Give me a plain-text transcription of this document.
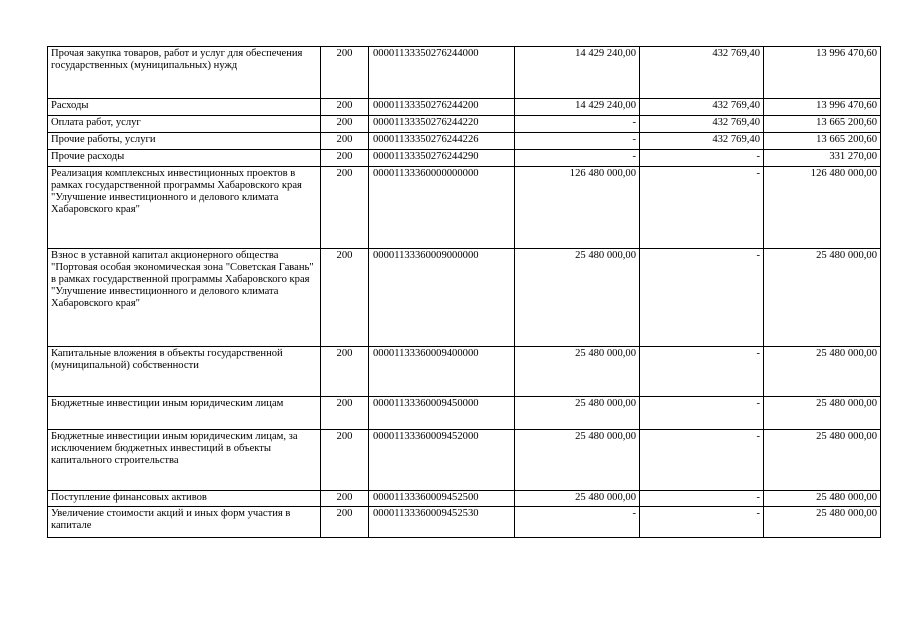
Прочая закупка товаров, работ и услуг для обеспечения государственных (муниципальных) нужд	200	00001133350276244000	14 429 240,00	432 769,40	13 996 470,60
Расходы	200	00001133350276244200	14 429 240,00	432 769,40	13 996 470,60
Оплата работ, услуг	200	00001133350276244220	-	432 769,40	13 665 200,60
Прочие работы, услуги	200	00001133350276244226	-	432 769,40	13 665 200,60
Прочие расходы	200	00001133350276244290	-	-	331 270,00
Реализация комплексных инвестиционных проектов в рамках государственной программы Хабаровского края "Улучшение инвестиционного и делового климата Хабаровского края"	200	00001133360000000000	126 480 000,00	-	126 480 000,00
Взнос в уставной капитал акционерного общества "Портовая особая экономическая зона "Советская Гавань" в рамках государственной программы Хабаровского края "Улучшение инвестиционного и делового климата Хабаровского края"	200	00001133360009000000	25 480 000,00	-	25 480 000,00
Капитальные вложения в объекты государственной (муниципальной) собственности	200	00001133360009400000	25 480 000,00	-	25 480 000,00
Бюджетные инвестиции иным юридическим лицам	200	00001133360009450000	25 480 000,00	-	25 480 000,00
Бюджетные инвестиции иным юридическим лицам, за исключением бюджетных инвестиций в объекты капитального строительства	200	00001133360009452000	25 480 000,00	-	25 480 000,00
Поступление финансовых активов	200	00001133360009452500	25 480 000,00	-	25 480 000,00
Увеличение стоимости акций и иных форм участия в капитале	200	00001133360009452530	-	-	25 480 000,00
